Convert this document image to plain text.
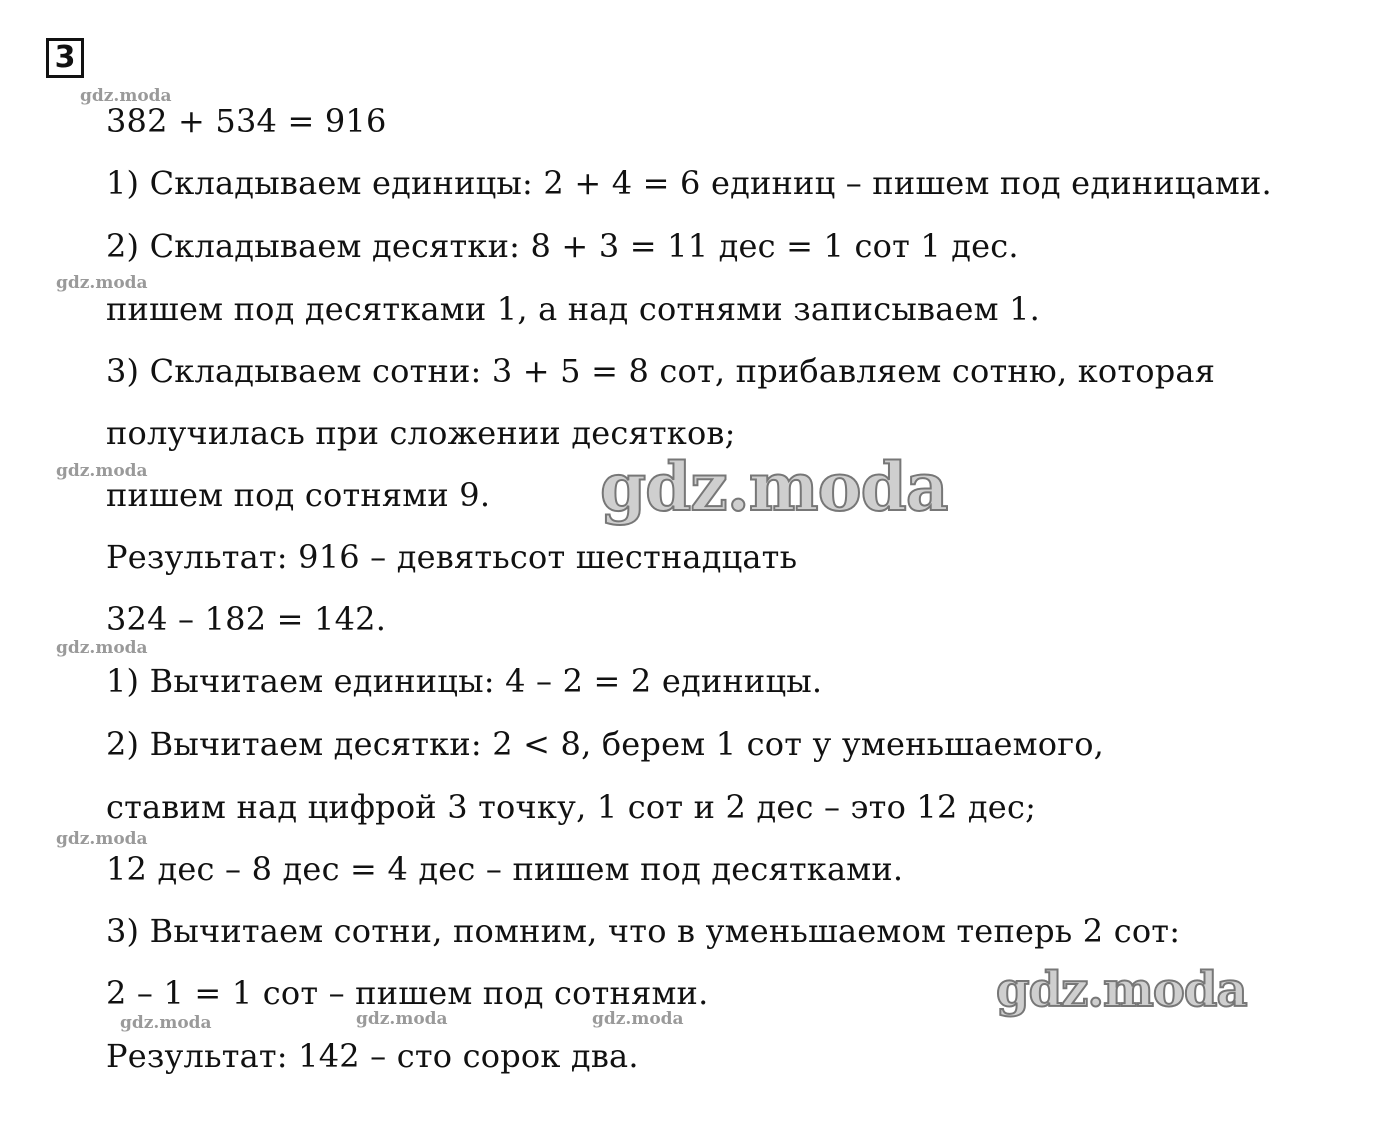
3
382 + 534 = 916
1) Складываем единицы: 2 + 4 = 6 единиц – пишем под единицами.
2) Складываем десятки: 8 + 3 = 11 дес = 1 сот 1 дес.
пишем под десятками 1, а над сотнями записываем 1.
3) Складываем сотни: 3 + 5 = 8 сот, прибавляем сотню, которая
получилась при сложении десятков;
пишем под сотнями 9.
Результат: 916 – девятьсот шестнадцать
324 – 182 = 142.
1) Вычитаем единицы: 4 – 2 = 2 единицы.
2) Вычитаем десятки: 2 < 8, берем 1 сот у уменьшаемого,
ставим над цифрой 3 точку, 1 сот и 2 дес – это 12 дес;
12 дес – 8 дес = 4 дес – пишем под десятками.
3) Вычитаем сотни, помним, что в уменьшаемом теперь 2 сот:
2 – 1 = 1 сот – пишем под сотнями.
Результат: 142 – сто сорок два.
gdz.moda
gdz.moda
gdz.moda
gdz.moda
gdz.moda
gdz.moda	gdz.moda	gdz.moda
gdz.moda
gdz.moda
